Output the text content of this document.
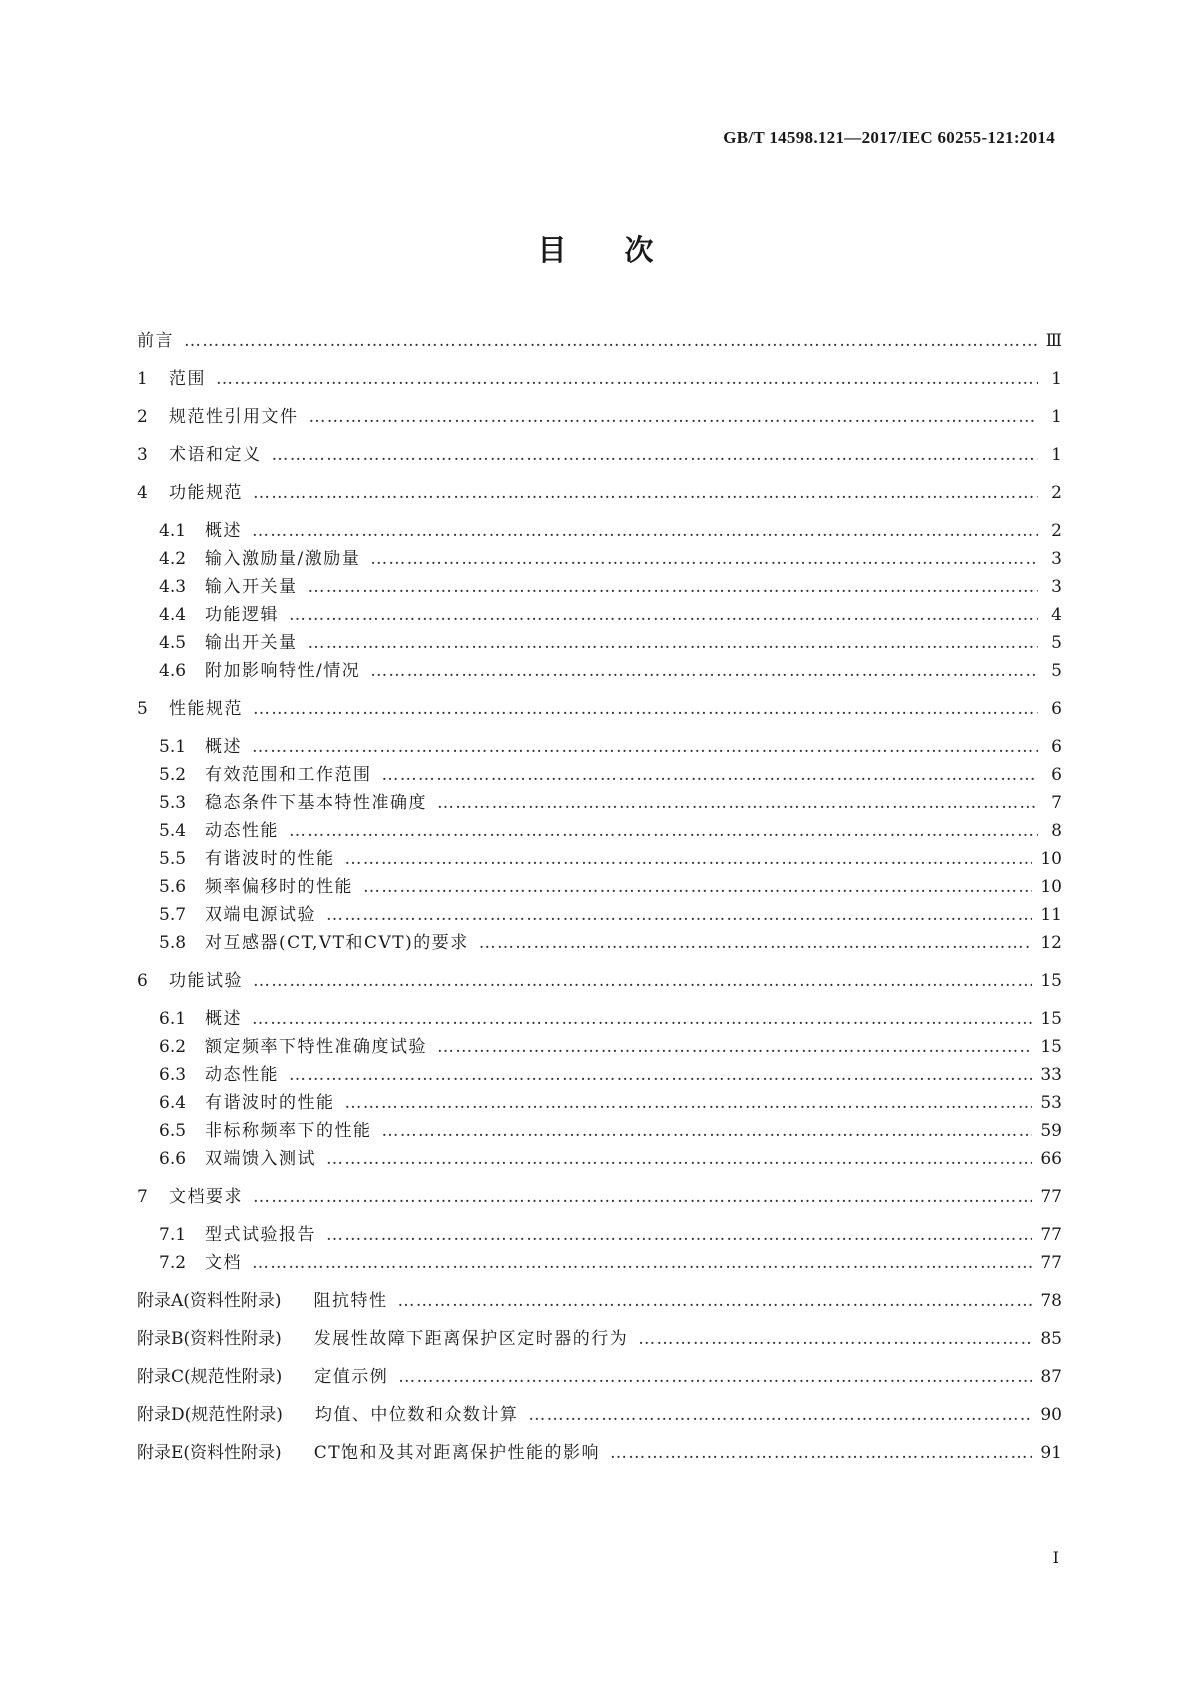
GB/T 14598.121—2017/IEC 60255-121:2014
目次
前言 …………………………………………………………………………………………………………………………………………………………………………………………………………………………………………………	Ⅲ
1	范围 …………………………………………………………………………………………………………………………………………………………………………………………………………………………………………………	1
2	规范性引用文件 …………………………………………………………………………………………………………………………………………………………………………………………………………………………………………………	1
3	术语和定义 …………………………………………………………………………………………………………………………………………………………………………………………………………………………………………………	1
4	功能规范 …………………………………………………………………………………………………………………………………………………………………………………………………………………………………………………	2
4.1	概述 …………………………………………………………………………………………………………………………………………………………………………………………………………………………………………………	2
4.2	输入激励量/激励量 …………………………………………………………………………………………………………………………………………………………………………………………………………………………………………………	3
4.3	输入开关量 …………………………………………………………………………………………………………………………………………………………………………………………………………………………………………………	3
4.4	功能逻辑 …………………………………………………………………………………………………………………………………………………………………………………………………………………………………………………	4
4.5	输出开关量 …………………………………………………………………………………………………………………………………………………………………………………………………………………………………………………	5
4.6	附加影响特性/情况 …………………………………………………………………………………………………………………………………………………………………………………………………………………………………………………	5
5	性能规范 …………………………………………………………………………………………………………………………………………………………………………………………………………………………………………………	6
5.1	概述 …………………………………………………………………………………………………………………………………………………………………………………………………………………………………………………	6
5.2	有效范围和工作范围 …………………………………………………………………………………………………………………………………………………………………………………………………………………………………………………	6
5.3	稳态条件下基本特性准确度 …………………………………………………………………………………………………………………………………………………………………………………………………………………………………………………	7
5.4	动态性能 …………………………………………………………………………………………………………………………………………………………………………………………………………………………………………………	8
5.5	有谐波时的性能 …………………………………………………………………………………………………………………………………………………………………………………………………………………………………………………	10
5.6	频率偏移时的性能 …………………………………………………………………………………………………………………………………………………………………………………………………………………………………………………	10
5.7	双端电源试验 …………………………………………………………………………………………………………………………………………………………………………………………………………………………………………………	11
5.8	对互感器(CT,VT和CVT)的要求 …………………………………………………………………………………………………………………………………………………………………………………………………………………………………………………	12
6	功能试验 …………………………………………………………………………………………………………………………………………………………………………………………………………………………………………………	15
6.1	概述 …………………………………………………………………………………………………………………………………………………………………………………………………………………………………………………	15
6.2	额定频率下特性准确度试验 …………………………………………………………………………………………………………………………………………………………………………………………………………………………………………………	15
6.3	动态性能 …………………………………………………………………………………………………………………………………………………………………………………………………………………………………………………	33
6.4	有谐波时的性能 …………………………………………………………………………………………………………………………………………………………………………………………………………………………………………………	53
6.5	非标称频率下的性能 …………………………………………………………………………………………………………………………………………………………………………………………………………………………………………………	59
6.6	双端馈入测试 …………………………………………………………………………………………………………………………………………………………………………………………………………………………………………………	66
7	文档要求 …………………………………………………………………………………………………………………………………………………………………………………………………………………………………………………	77
7.1	型式试验报告 …………………………………………………………………………………………………………………………………………………………………………………………………………………………………………………	77
7.2	文档 …………………………………………………………………………………………………………………………………………………………………………………………………………………………………………………	77
附录A(资料性附录) 阻抗特性 …………………………………………………………………………………………………………………………………………………………………………………………………………………………………………………	78
附录B(资料性附录) 发展性故障下距离保护区定时器的行为 …………………………………………………………………………………………………………………………………………………………………………………………………………………………………………………	85
附录C(规范性附录) 定值示例 …………………………………………………………………………………………………………………………………………………………………………………………………………………………………………………	87
附录D(规范性附录) 均值、中位数和众数计算 …………………………………………………………………………………………………………………………………………………………………………………………………………………………………………………	90
附录E(资料性附录) CT饱和及其对距离保护性能的影响 …………………………………………………………………………………………………………………………………………………………………………………………………………………………………………………	91
I
